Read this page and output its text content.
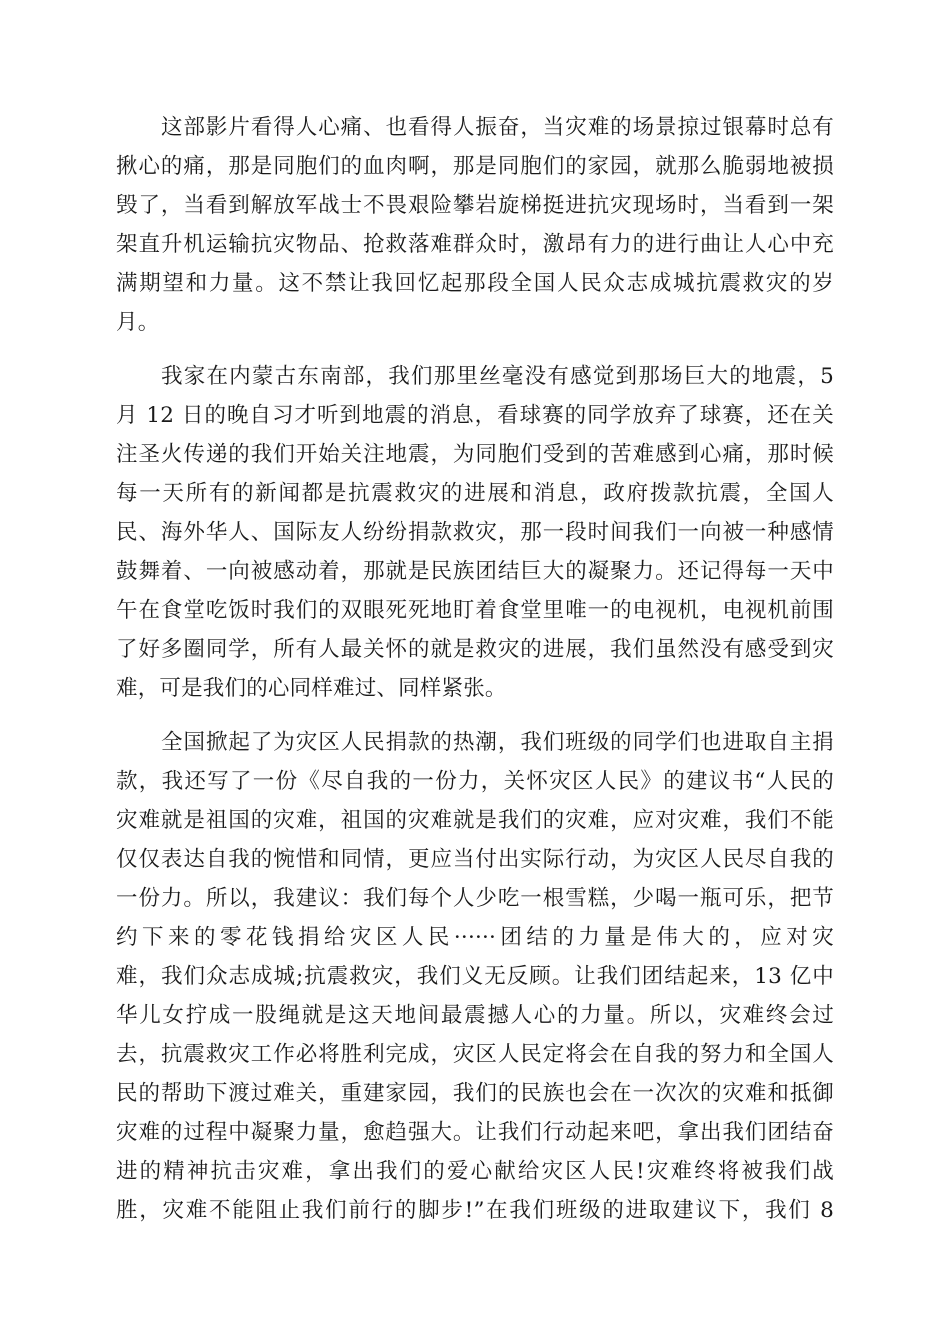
这部影片看得人心痛、也看得人振奋，当灾难的场景掠过银幕时总有
揪心的痛，那是同胞们的血肉啊，那是同胞们的家园，就那么脆弱地被损
毁了，当看到解放军战士不畏艰险攀岩旋梯挺进抗灾现场时，当看到一架
架直升机运输抗灾物品、抢救落难群众时，激昂有力的进行曲让人心中充
满期望和力量。这不禁让我回忆起那段全国人民众志成城抗震救灾的岁
月。
我家在内蒙古东南部，我们那里丝毫没有感觉到那场巨大的地震，5
月 12 日的晚自习才听到地震的消息，看球赛的同学放弃了球赛，还在关
注圣火传递的我们开始关注地震，为同胞们受到的苦难感到心痛，那时候
每一天所有的新闻都是抗震救灾的进展和消息，政府拨款抗震，全国人
民、海外华人、国际友人纷纷捐款救灾，那一段时间我们一向被一种感情
鼓舞着、一向被感动着，那就是民族团结巨大的凝聚力。还记得每一天中
午在食堂吃饭时我们的双眼死死地盯着食堂里唯一的电视机，电视机前围
了好多圈同学，所有人最关怀的就是救灾的进展，我们虽然没有感受到灾
难，可是我们的心同样难过、同样紧张。
全国掀起了为灾区人民捐款的热潮，我们班级的同学们也进取自主捐
款，我还写了一份《尽自我的一份力，关怀灾区人民》的建议书“人民的
灾难就是祖国的灾难，祖国的灾难就是我们的灾难，应对灾难，我们不能
仅仅表达自我的惋惜和同情，更应当付出实际行动，为灾区人民尽自我的
一份力。所以，我建议：我们每个人少吃一根雪糕，少喝一瓶可乐，把节
约下来的零花钱捐给灾区人民······团结的力量是伟大的，应对灾
难，我们众志成城;抗震救灾，我们义无反顾。让我们团结起来，13 亿中
华儿女拧成一股绳就是这天地间最震撼人心的力量。所以，灾难终会过
去，抗震救灾工作必将胜利完成，灾区人民定将会在自我的努力和全国人
民的帮助下渡过难关，重建家园，我们的民族也会在一次次的灾难和抵御
灾难的过程中凝聚力量，愈趋强大。让我们行动起来吧，拿出我们团结奋
进的精神抗击灾难，拿出我们的爱心献给灾区人民!灾难终将被我们战
胜，灾难不能阻止我们前行的脚步!”在我们班级的进取建议下，我们 8
